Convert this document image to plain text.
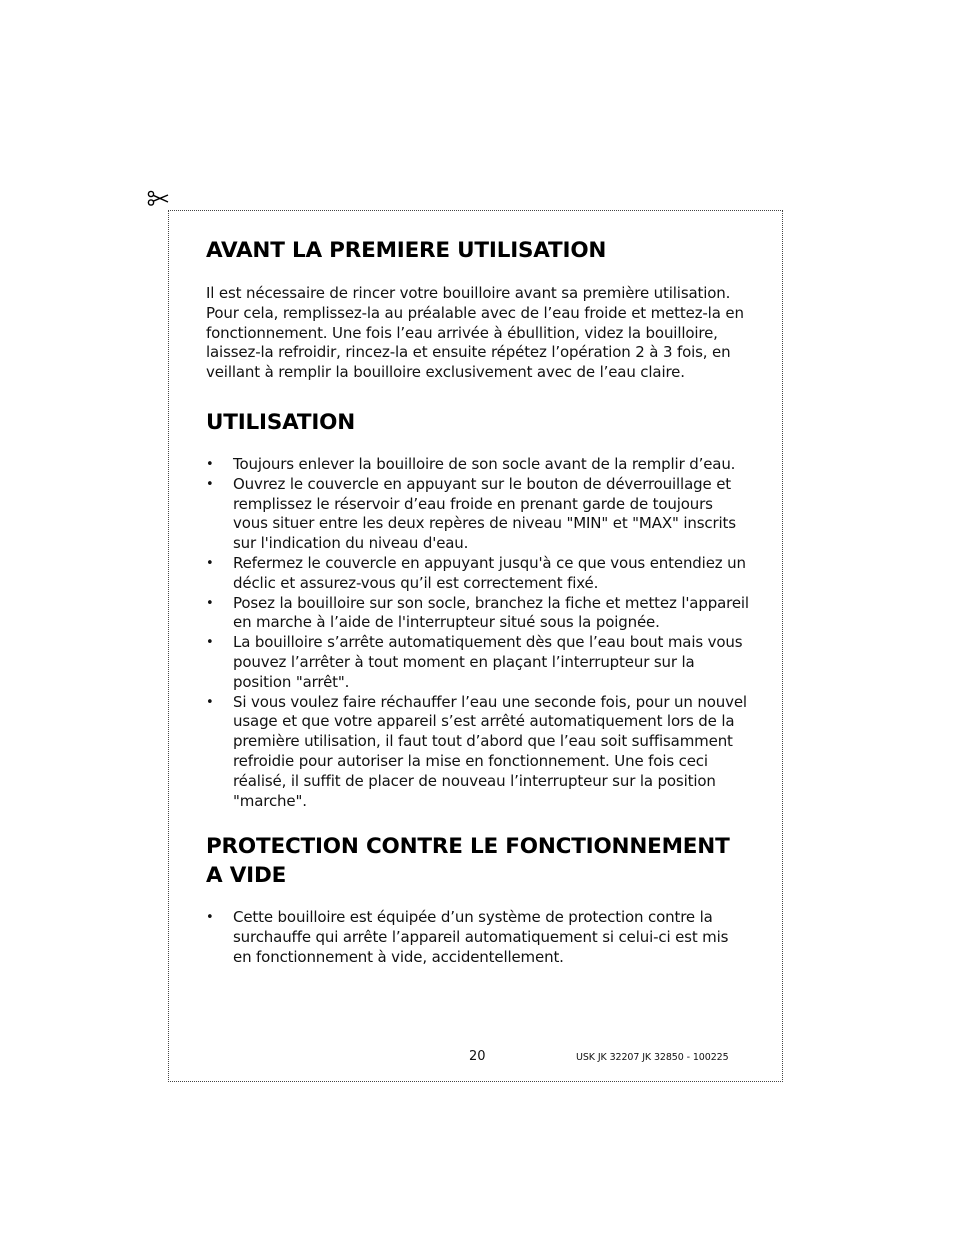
AVANT LA PREMIERE UTILISATION

Il est nécessaire de rincer votre bouilloire avant sa première utilisation. Pour cela, remplissez-la au préalable avec de l’eau froide et mettez-la en fonctionnement. Une fois l’eau arrivée à ébullition, videz la bouilloire, laissez-la refroidir, rincez-la et ensuite répétez l’opération 2 à 3 fois, en veillant à remplir la bouilloire exclusivement avec de l’eau claire.

UTILISATION
• Toujours enlever la bouilloire de son socle avant de la remplir d’eau.
• Ouvrez le couvercle en appuyant sur le bouton de déverrouillage et remplissez le réservoir d’eau froide en prenant garde de toujours vous situer entre les deux repères de niveau "MIN" et "MAX" inscrits sur l'indication du niveau d'eau.
• Refermez le couvercle en appuyant jusqu'à ce que vous entendiez un déclic et assurez-vous qu’il est correctement fixé.
• Posez la bouilloire sur son socle, branchez la fiche et mettez l'appareil en marche à l’aide de l'interrupteur situé sous la poignée.
• La bouilloire s’arrête automatiquement dès que l’eau bout mais vous pouvez l’arrêter à tout moment en plaçant l’interrupteur sur la position "arrêt".
• Si vous voulez faire réchauffer l’eau une seconde fois, pour un nouvel usage et que votre appareil s’est arrêté automatiquement lors de la première utilisation, il faut tout d’abord que l’eau soit suffisamment refroidie pour autoriser la mise en fonctionnement. Une fois ceci réalisé, il suffit de placer de nouveau l’interrupteur sur la position "marche".
PROTECTION CONTRE LE FONCTIONNEMENT A VIDE
• Cette bouilloire est équipée d’un système de protection contre la surchauffe qui arrête l’appareil automatiquement si celui-ci est mis en fonctionnement à vide, accidentellement.
20	USK JK 32207 JK 32850 - 100225
